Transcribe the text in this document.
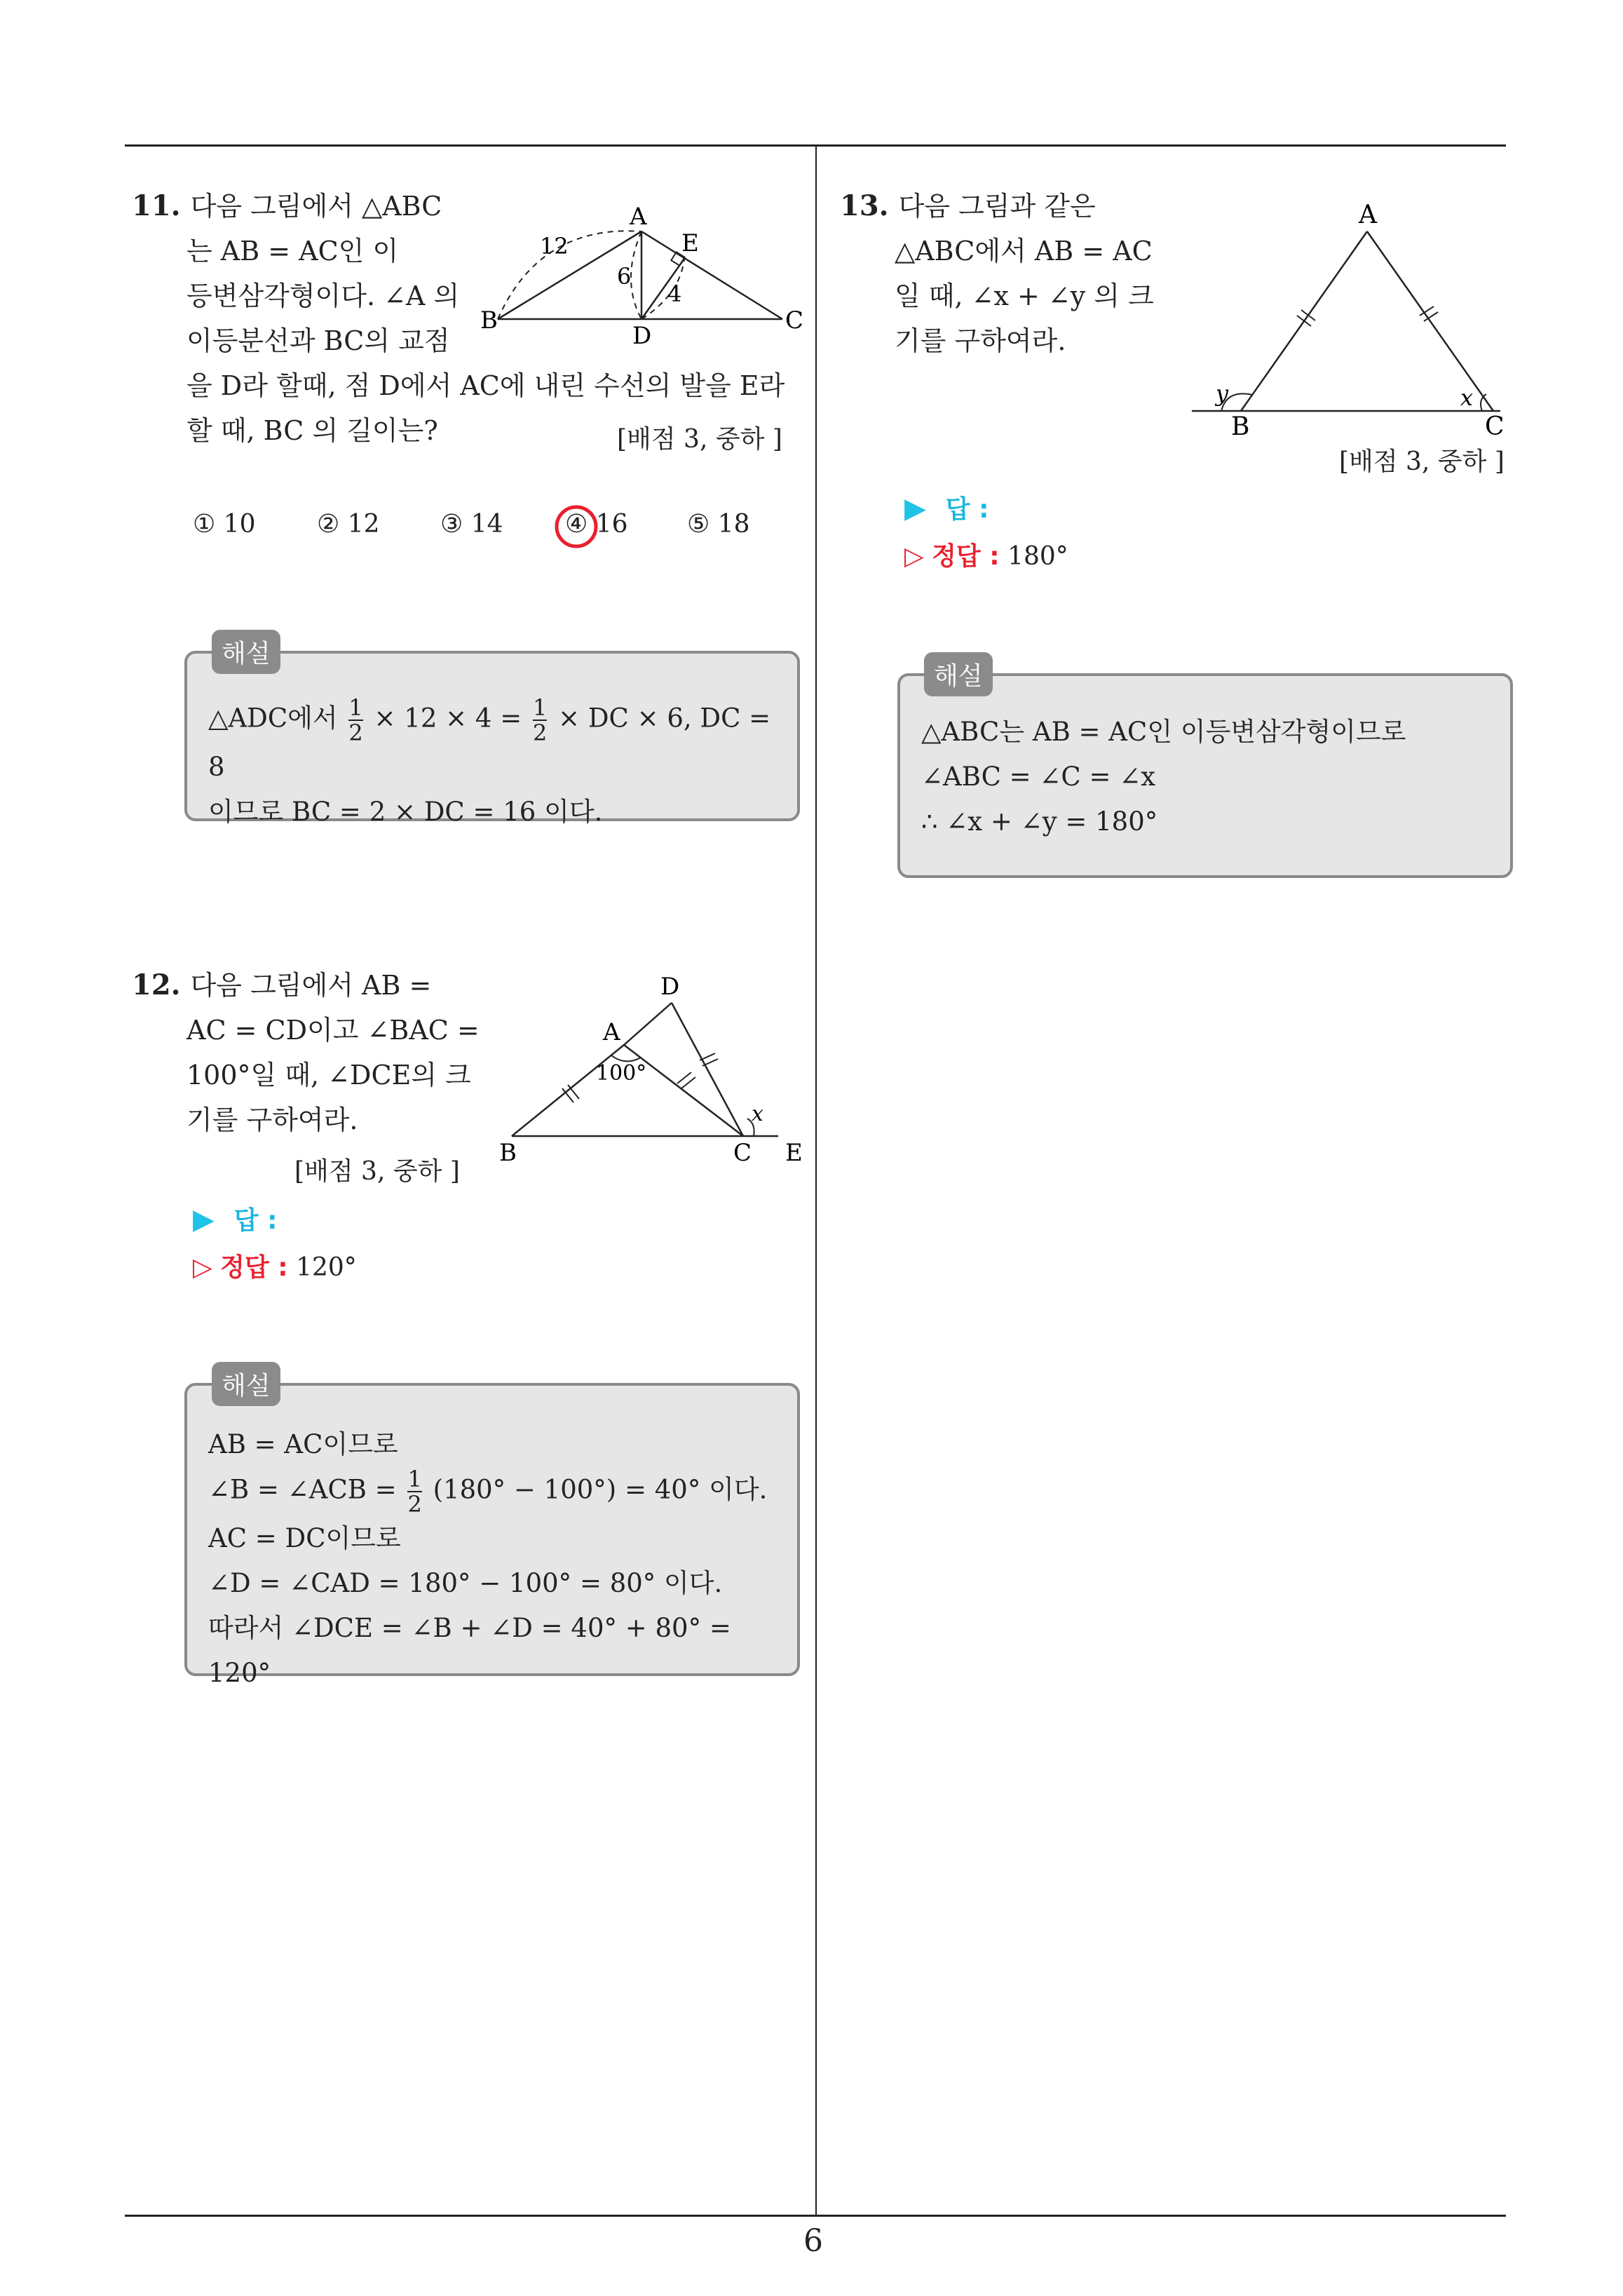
6
11. 다음 그림에서 △ABC
는 AB = AC인 이
등변삼각형이다. ∠A 의
이등분선과 BC의 교점
을 D라 할때, 점 D에서 AC에 내린 수선의 발을 E라
할 때, BC 의 길이는?	[배점 3, 중하 ]
A
B	C
D
E
12
6
4
① 10 ② 12 ③ 14 ④ 16 ⑤ 18
△ADC에서 $\frac{1}{2} \times 12 \times 4 = \frac{1}{2}$ × DC × 6, DC = 8
이므로 BC = 2 × DC = 16 이다.
해설
12. 다음 그림에서 AB =
AC = CD이고 ∠BAC =
100°일 때, ∠DCE의 크
기를 구하여라.
[배점 3, 중하 ]
A
B	C
D
E
100°
x
▶ 답 :
▷ 정답 : 120°
AB = AC이므로
∠B = ∠ACB = $\frac{1}{2} (180^\circ - 100^\circ) = 40^\circ$ 이다.
AC = DC이므로
∠D = ∠CAD = 180° − 100° = 80° 이다.
따라서 ∠DCE = ∠B + ∠D = 40° + 80° = 120°
해설
13. 다음 그림과 같은
△ABC에서 AB = AC
일 때, ∠x + ∠y 의 크
기를 구하여라.
A
B	C
y	x
[배점 3, 중하 ]
▶ 답 :
▷ 정답 : 180°
△ABC는 AB = AC인 이등변삼각형이므로
∠ABC = ∠C = ∠x
∴ ∠x + ∠y = 180°
해설
